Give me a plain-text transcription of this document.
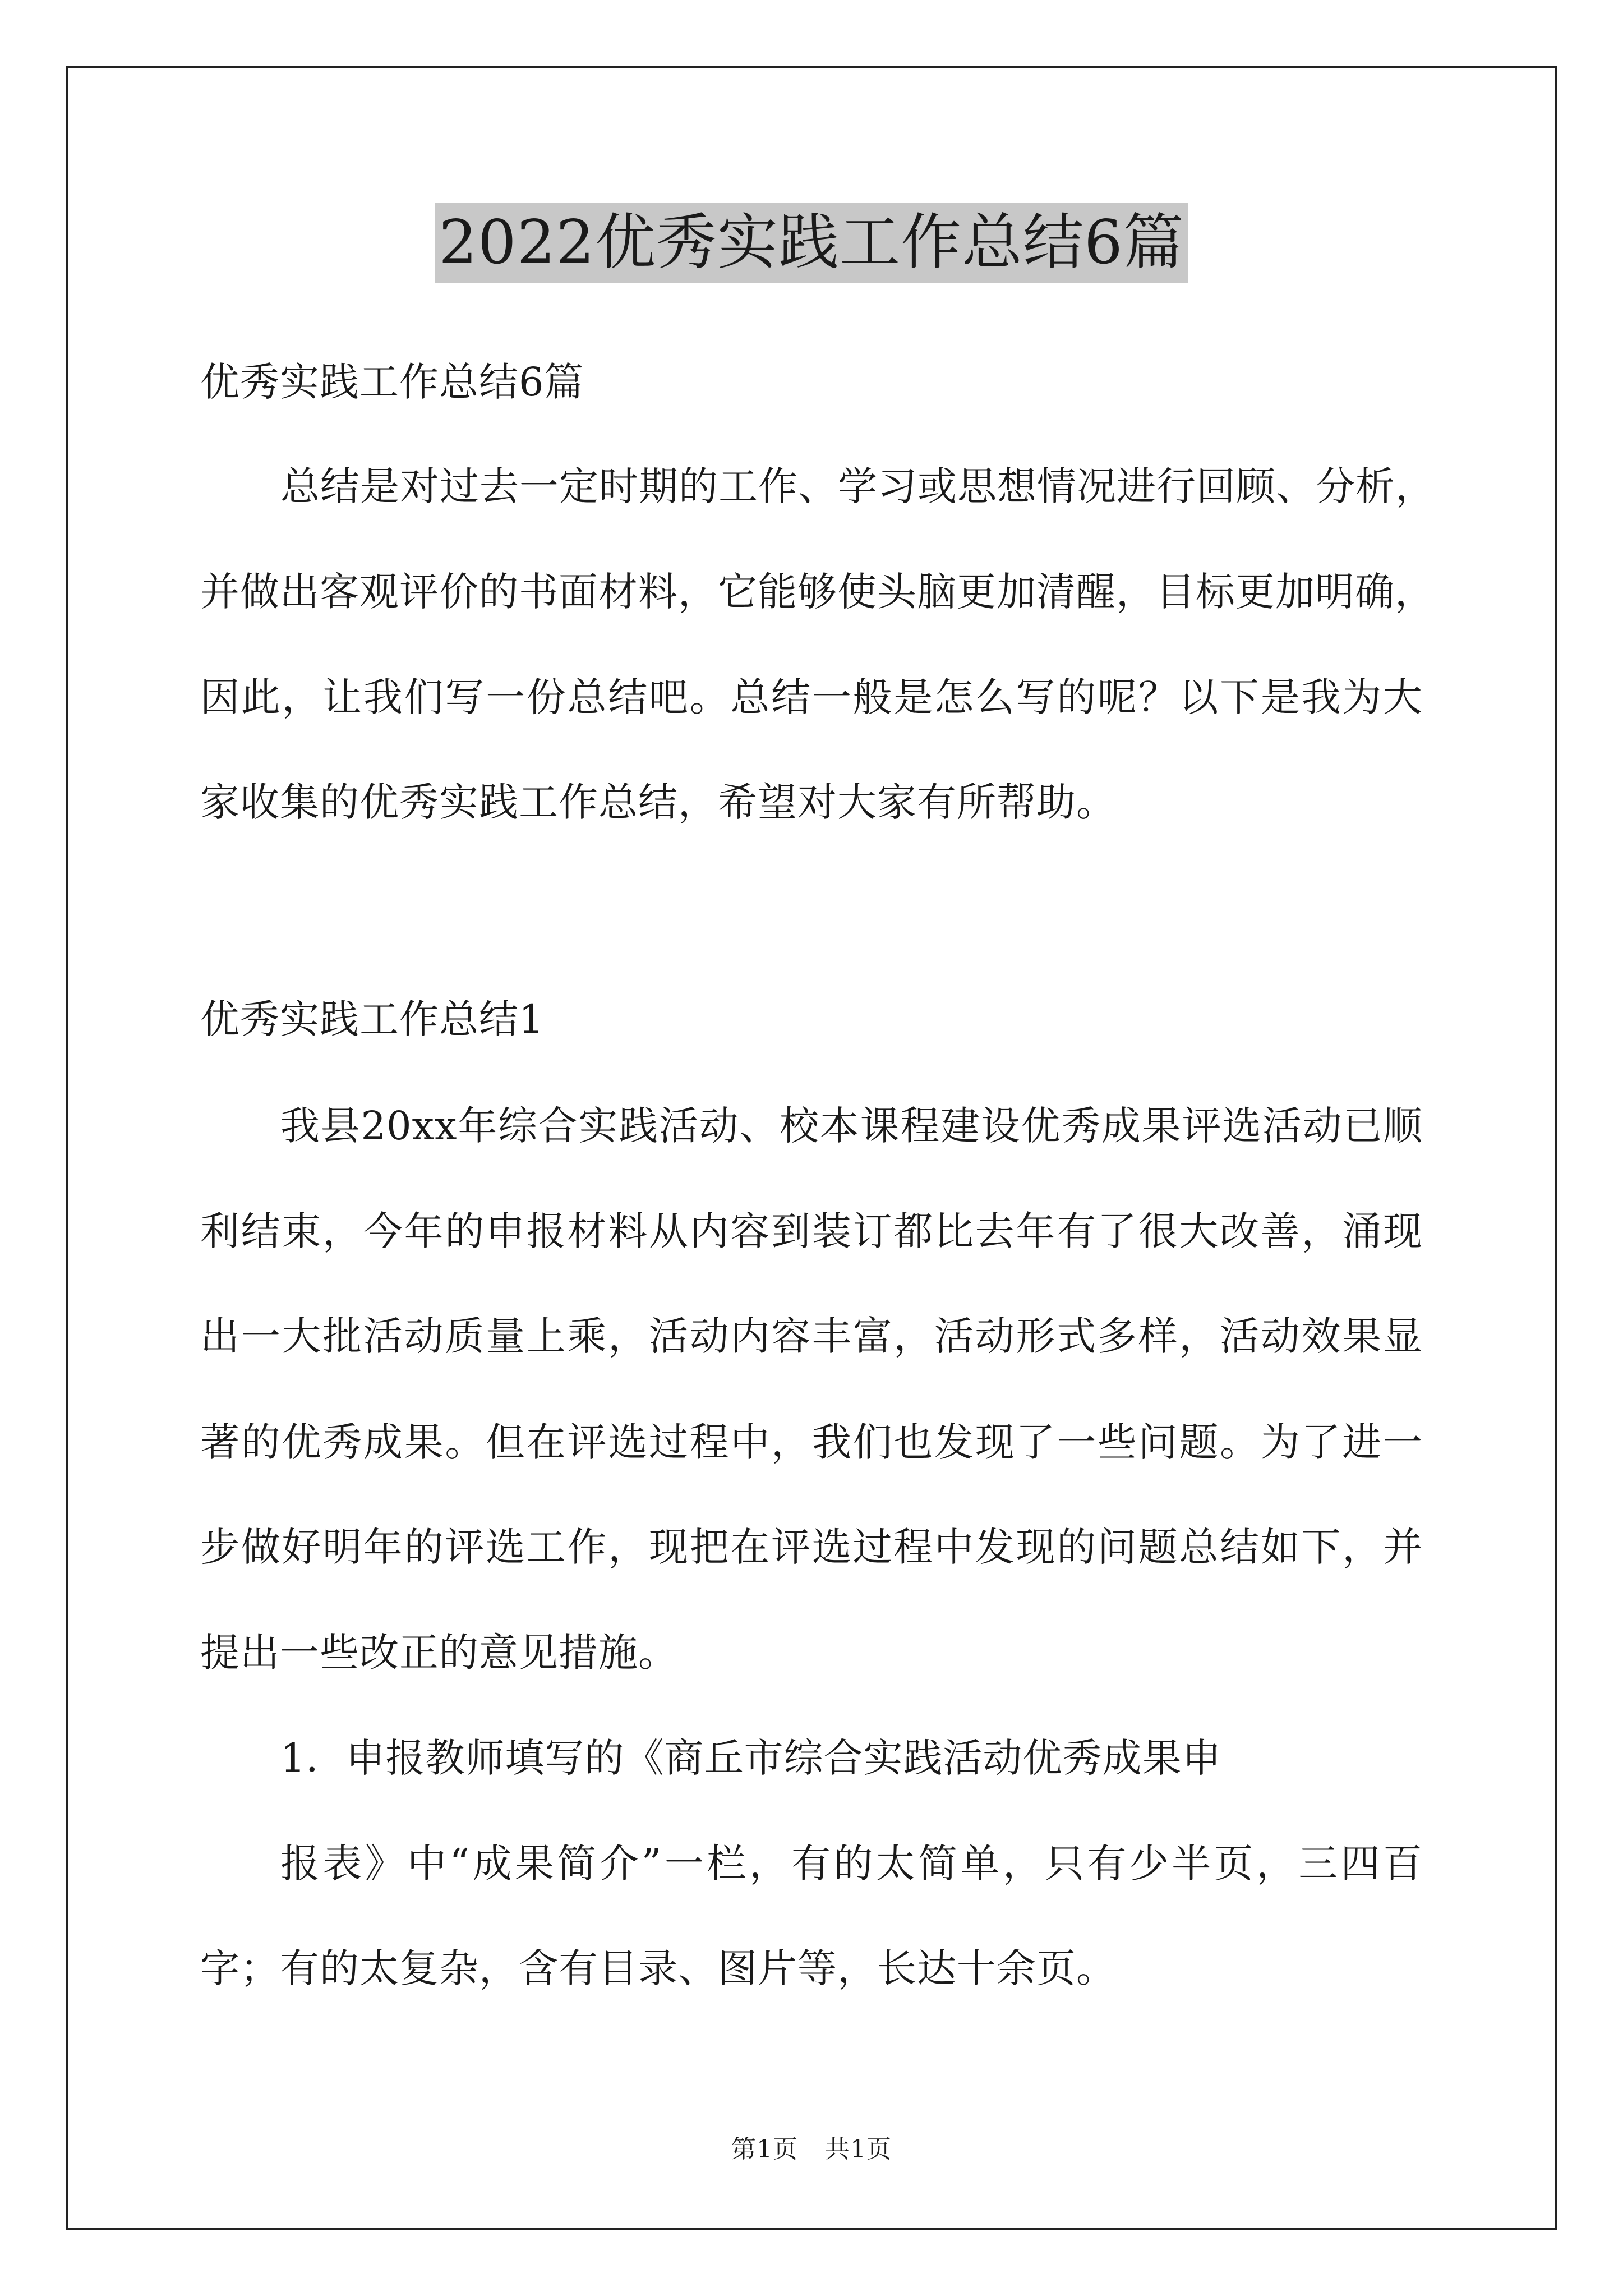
2022优秀实践工作总结6篇
优秀实践工作总结6篇
总结是对过去一定时期的工作、学习或思想情况进行回顾、分析，
并做出客观评价的书面材料，它能够使头脑更加清醒，目标更加明确，
因此，让我们写一份总结吧。总结一般是怎么写的呢？以下是我为大
家收集的优秀实践工作总结，希望对大家有所帮助。
优秀实践工作总结1
我县20xx年综合实践活动、校本课程建设优秀成果评选活动已顺
利结束，今年的申报材料从内容到装订都比去年有了很大改善，涌现
出一大批活动质量上乘，活动内容丰富，活动形式多样，活动效果显
著的优秀成果。但在评选过程中，我们也发现了一些问题。为了进一
步做好明年的评选工作，现把在评选过程中发现的问题总结如下，并
提出一些改正的意见措施。
1．申报教师填写的《商丘市综合实践活动优秀成果申
报表》中“成果简介”一栏，有的太简单，只有少半页，三四百
字；有的太复杂，含有目录、图片等，长达十余页。
第1页 共1页
